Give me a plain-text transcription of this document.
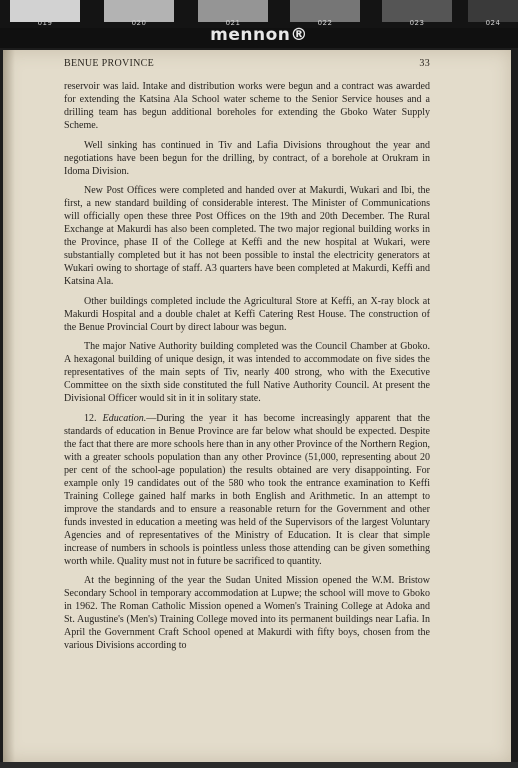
019	020	021	022	023	024
mennon®
BENUE PROVINCE	33

reservoir was laid. Intake and distribution works were begun and a contract was awarded for extending the Katsina Ala School water scheme to the Senior Service houses and a drilling team has begun additional boreholes for extending the Gboko Water Supply Scheme.

Well sinking has continued in Tiv and Lafia Divisions throughout the year and negotiations have been begun for the drilling, by contract, of a borehole at Orukram in Idoma Division.

New Post Offices were completed and handed over at Makurdi, Wukari and Ibi, the first, a new standard building of considerable interest. The Minister of Communications will officially open these three Post Offices on the 19th and 20th December. The Rural Exchange at Makurdi has also been completed. The two major regional building works in the Province, phase II of the College at Keffi and the new hospital at Wukari, were substantially completed but it has not been possible to instal the electricity generators at Wukari owing to shortage of staff. A3 quarters have been completed at Makurdi, Keffi and Katsina Ala.

Other buildings completed include the Agricultural Store at Keffi, an X-ray block at Makurdi Hospital and a double chalet at Keffi Catering Rest House. The construction of the Benue Provincial Court by direct labour was begun.

The major Native Authority building completed was the Council Chamber at Gboko. A hexagonal building of unique design, it was intended to accommodate on five sides the representatives of the main septs of Tiv, nearly 400 strong, who with the Executive Committee on the sixth side constituted the full Native Authority Council. At present the Divisional Officer would sit in it in solitary state.

12. Education.—During the year it has become increasingly apparent that the standards of education in Benue Province are far below what should be expected. Despite the fact that there are more schools here than in any other Province of the Northern Region, with a greater schools population than any other Province (51,000, representing about 20 per cent of the school-age population) the results obtained are very disappointing. For example only 19 candidates out of the 580 who took the entrance examination to Keffi Training College gained half marks in both English and Arithmetic. In an attempt to improve the standards and to ensure a reasonable return for the Government and other funds invested in education a meeting was held of the Supervisors of the largest Voluntary Agencies and of representatives of the Ministry of Education. It is clear that simple increase of numbers in schools is pointless unless those attending can be given something worth while. Quality must not in future be sacrificed to quantity.

At the beginning of the year the Sudan United Mission opened the W.M. Bristow Secondary School in temporary accommodation at Lupwe; the school will move to Gboko in 1962. The Roman Catholic Mission opened a Women's Training College at Adoka and St. Augustine's (Men's) Training College moved into its permanent buildings near Lafia. In April the Government Craft School opened at Makurdi with fifty boys, chosen from the various Divisions according to
